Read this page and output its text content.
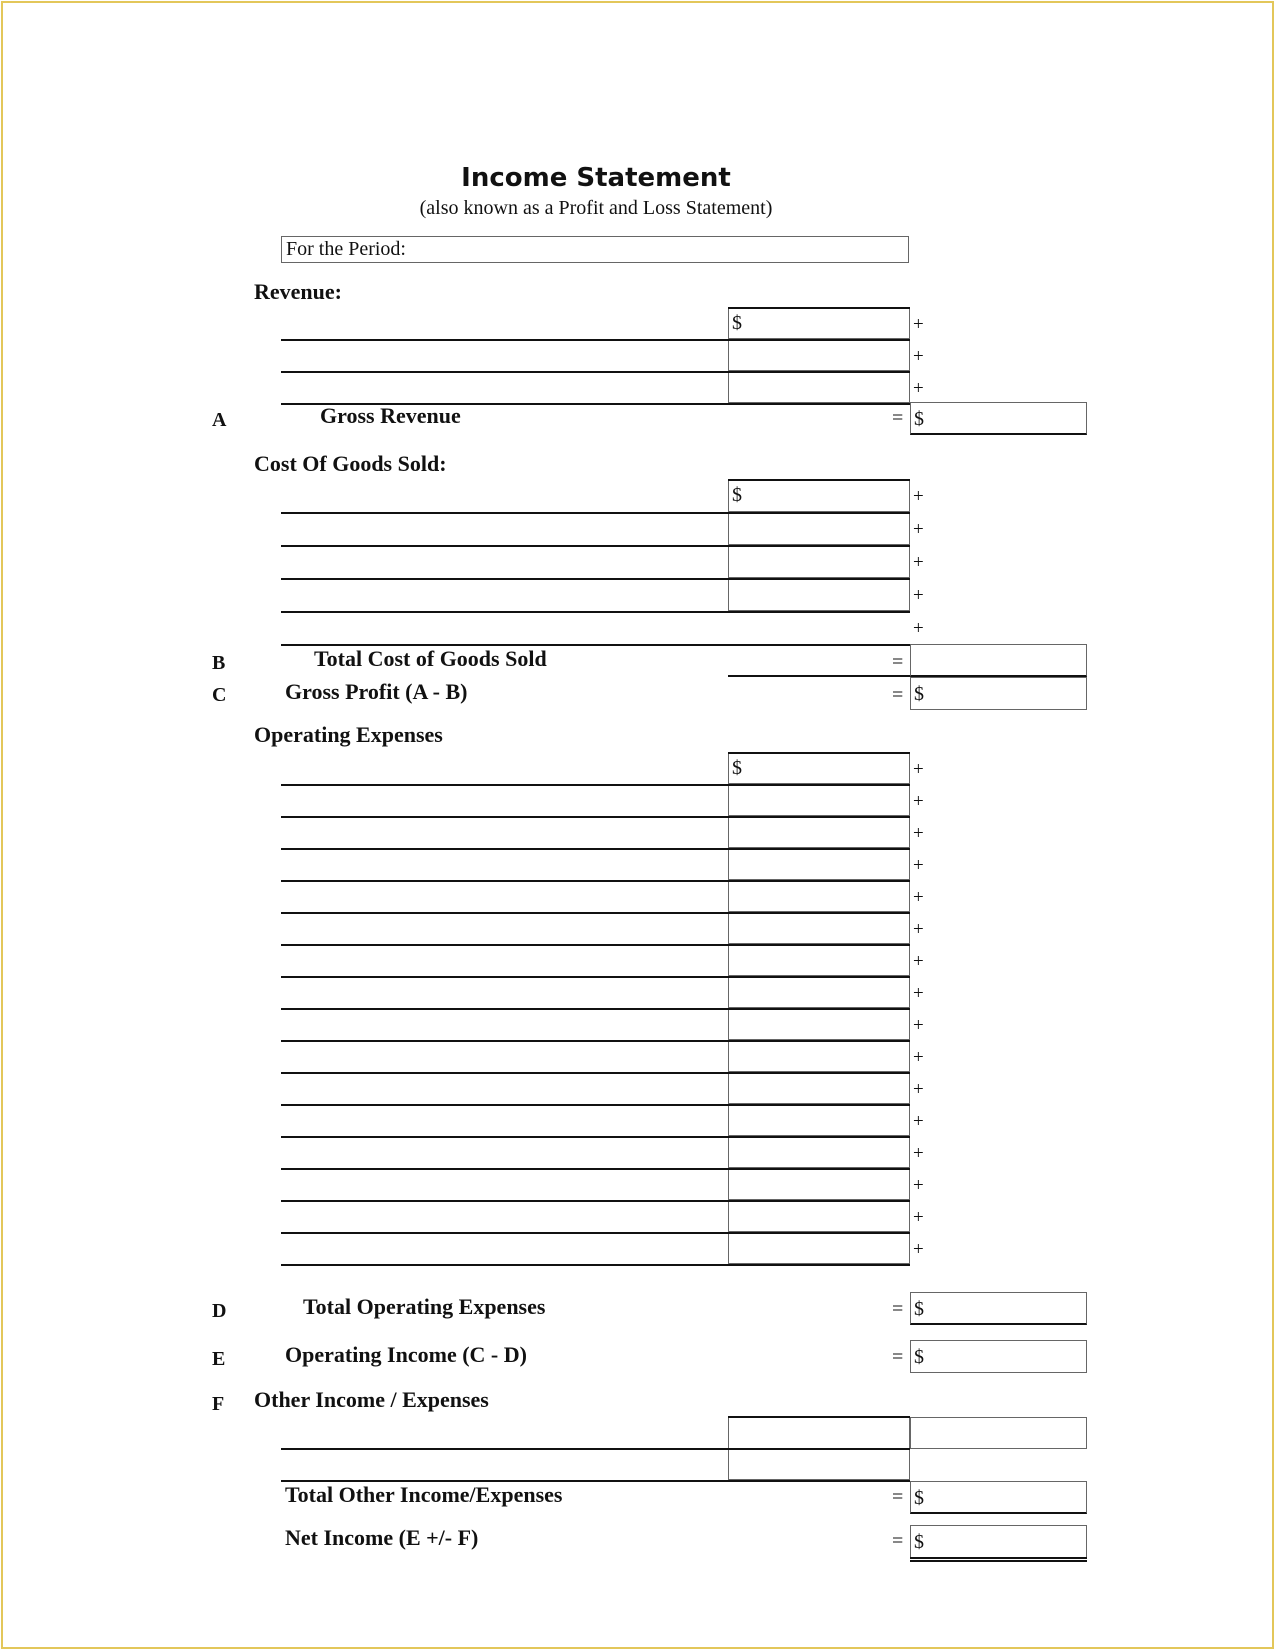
Income Statement
(also known as a Profit and Loss Statement)
For the Period:
Revenue:
$	+
+
+
A	Gross Revenue	= $
Cost Of Goods Sold:
$	+
+
+
+
+
B	Total Cost of Goods Sold	=
C	Gross Profit (A - B)	= $
Operating Expenses
$	+
+
+
+
+
+
+
+
+
+
+
+
+
+
+
+
D	Total Operating Expenses	= $
E	Operating Income (C - D)	= $
F Other Income / Expenses
Total Other Income/Expenses	= $
Net Income (E +/- F)	= $
